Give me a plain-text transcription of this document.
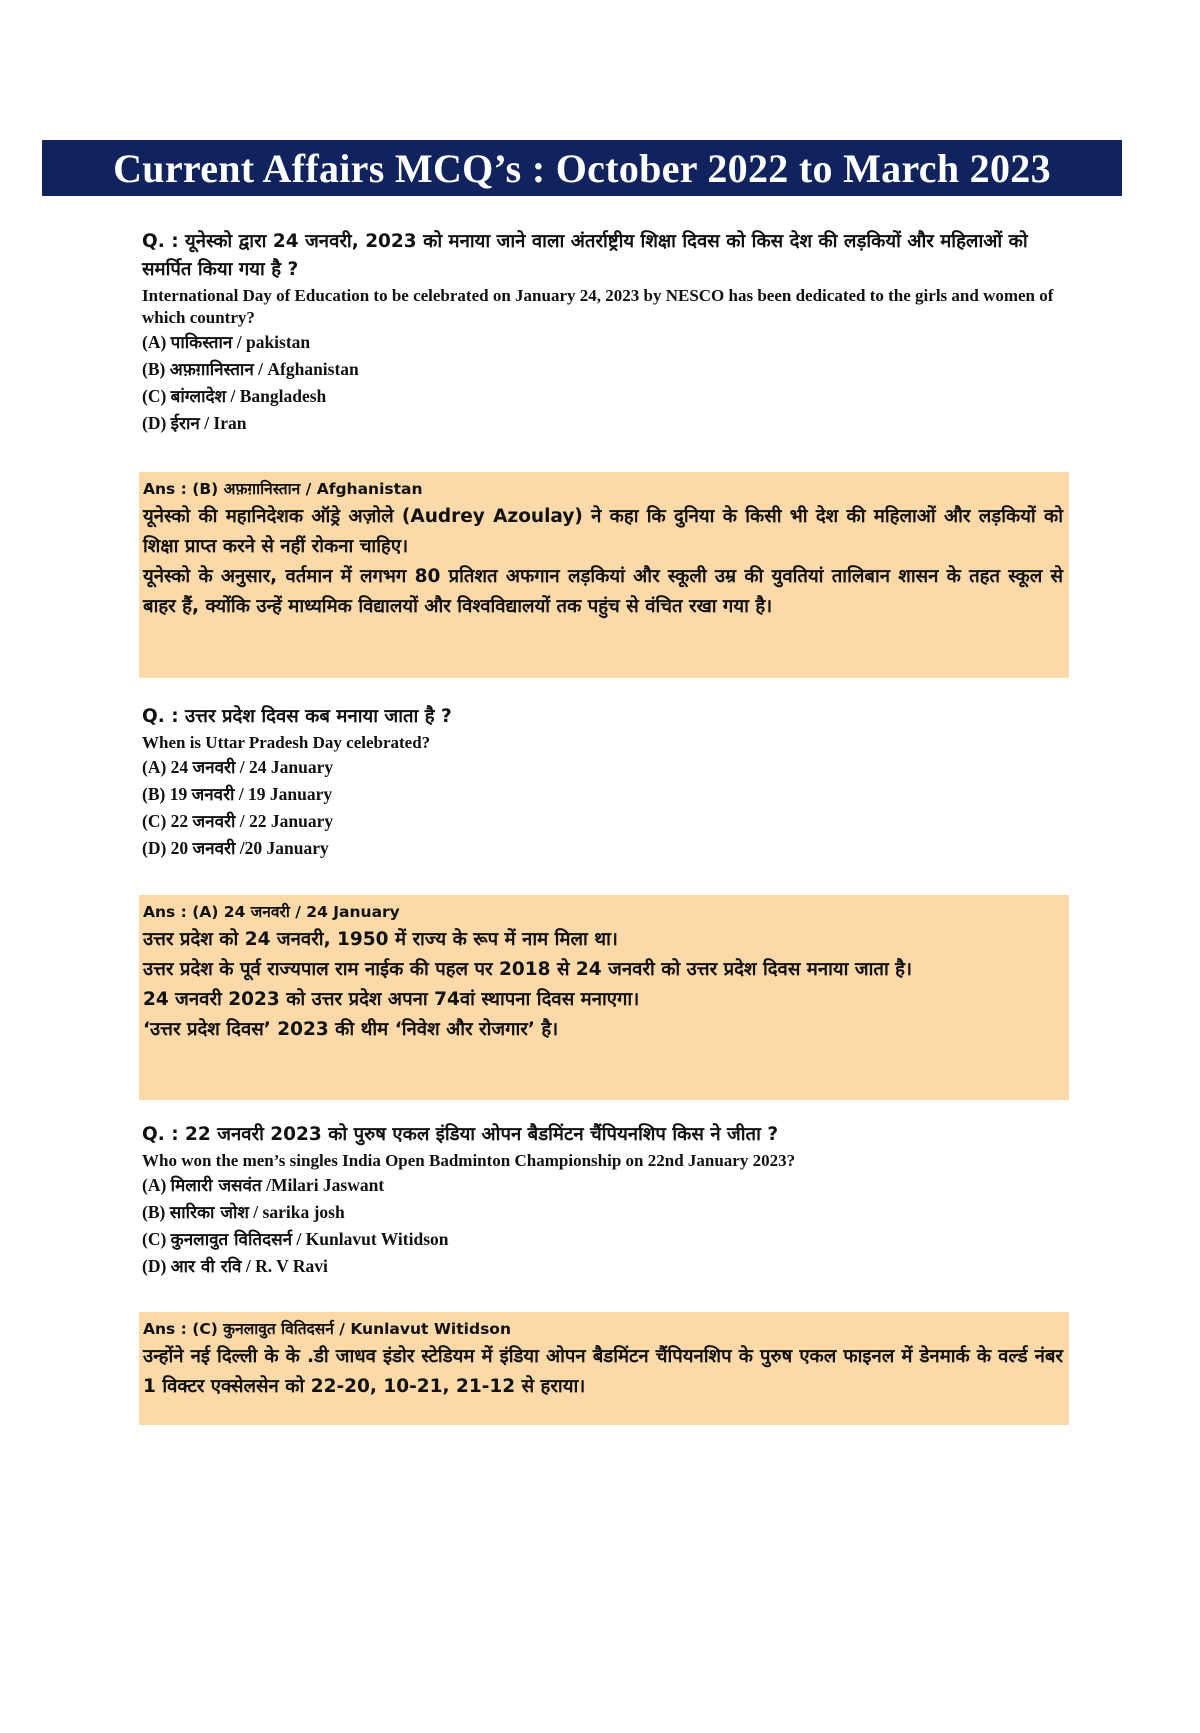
Current Affairs MCQ’s : October 2022 to March 2023
Q. : यूनेस्को द्वारा 24 जनवरी, 2023 को मनाया जाने वाला अंतर्राष्ट्रीय शिक्षा दिवस को किस देश की लड़कियों और महिलाओं को समर्पित किया गया है ?
International Day of Education to be celebrated on January 24, 2023 by NESCO has been dedicated to the girls and women of which country?
(A) पाकिस्तान / pakistan
(B) अफ़ग़ानिस्तान / Afghanistan
(C) बांग्लादेश / Bangladesh
(D) ईरान / Iran
Ans : (B) अफ़ग़ानिस्तान / Afghanistan
यूनेस्को की महानिदेशक ऑड्रे अज़ोले (Audrey Azoulay) ने कहा कि दुनिया के किसी भी देश की महिलाओं और लड़कियों को शिक्षा प्राप्त करने से नहीं रोकना चाहिए।
यूनेस्को के अनुसार, वर्तमान में लगभग 80 प्रतिशत अफगान लड़कियां और स्कूली उम्र की युवतियां तालिबान शासन के तहत स्कूल से बाहर हैं, क्योंकि उन्हें माध्यमिक विद्यालयों और विश्वविद्यालयों तक पहुंच से वंचित रखा गया है।
Q. : उत्तर प्रदेश दिवस कब मनाया जाता है ?
When is Uttar Pradesh Day celebrated?
(A) 24 जनवरी / 24 January
(B) 19 जनवरी / 19 January
(C) 22 जनवरी / 22 January
(D) 20 जनवरी /20 January
Ans : (A) 24 जनवरी / 24 January
उत्तर प्रदेश को 24 जनवरी, 1950 में राज्य के रूप में नाम मिला था।
उत्तर प्रदेश के पूर्व राज्यपाल राम नाईक की पहल पर 2018 से 24 जनवरी को उत्तर प्रदेश दिवस मनाया जाता है।
24 जनवरी 2023 को उत्तर प्रदेश अपना 74वां स्थापना दिवस मनाएगा।
‘उत्तर प्रदेश दिवस’ 2023 की थीम ‘निवेश और रोजगार’ है।
Q. : 22 जनवरी 2023 को पुरुष एकल इंडिया ओपन बैडमिंटन चैंपियनशिप किस ने जीता ?
Who won the men’s singles India Open Badminton Championship on 22nd January 2023?
(A) मिलारी जसवंत /Milari Jaswant
(B) सारिका जोश / sarika josh
(C) कुनलावुत वितिदसर्न / Kunlavut Witidson
(D) आर वी रवि / R. V Ravi
Ans : (C) कुनलावुत वितिदसर्न / Kunlavut Witidson
उन्होंने नई दिल्ली के के .डी जाधव इंडोर स्टेडियम में इंडिया ओपन बैडमिंटन चैंपियनशिप के पुरुष एकल फाइनल में डेनमार्क के वर्ल्ड नंबर 1 विक्टर एक्सेलसेन को 22-20, 10-21, 21-12 से हराया।
